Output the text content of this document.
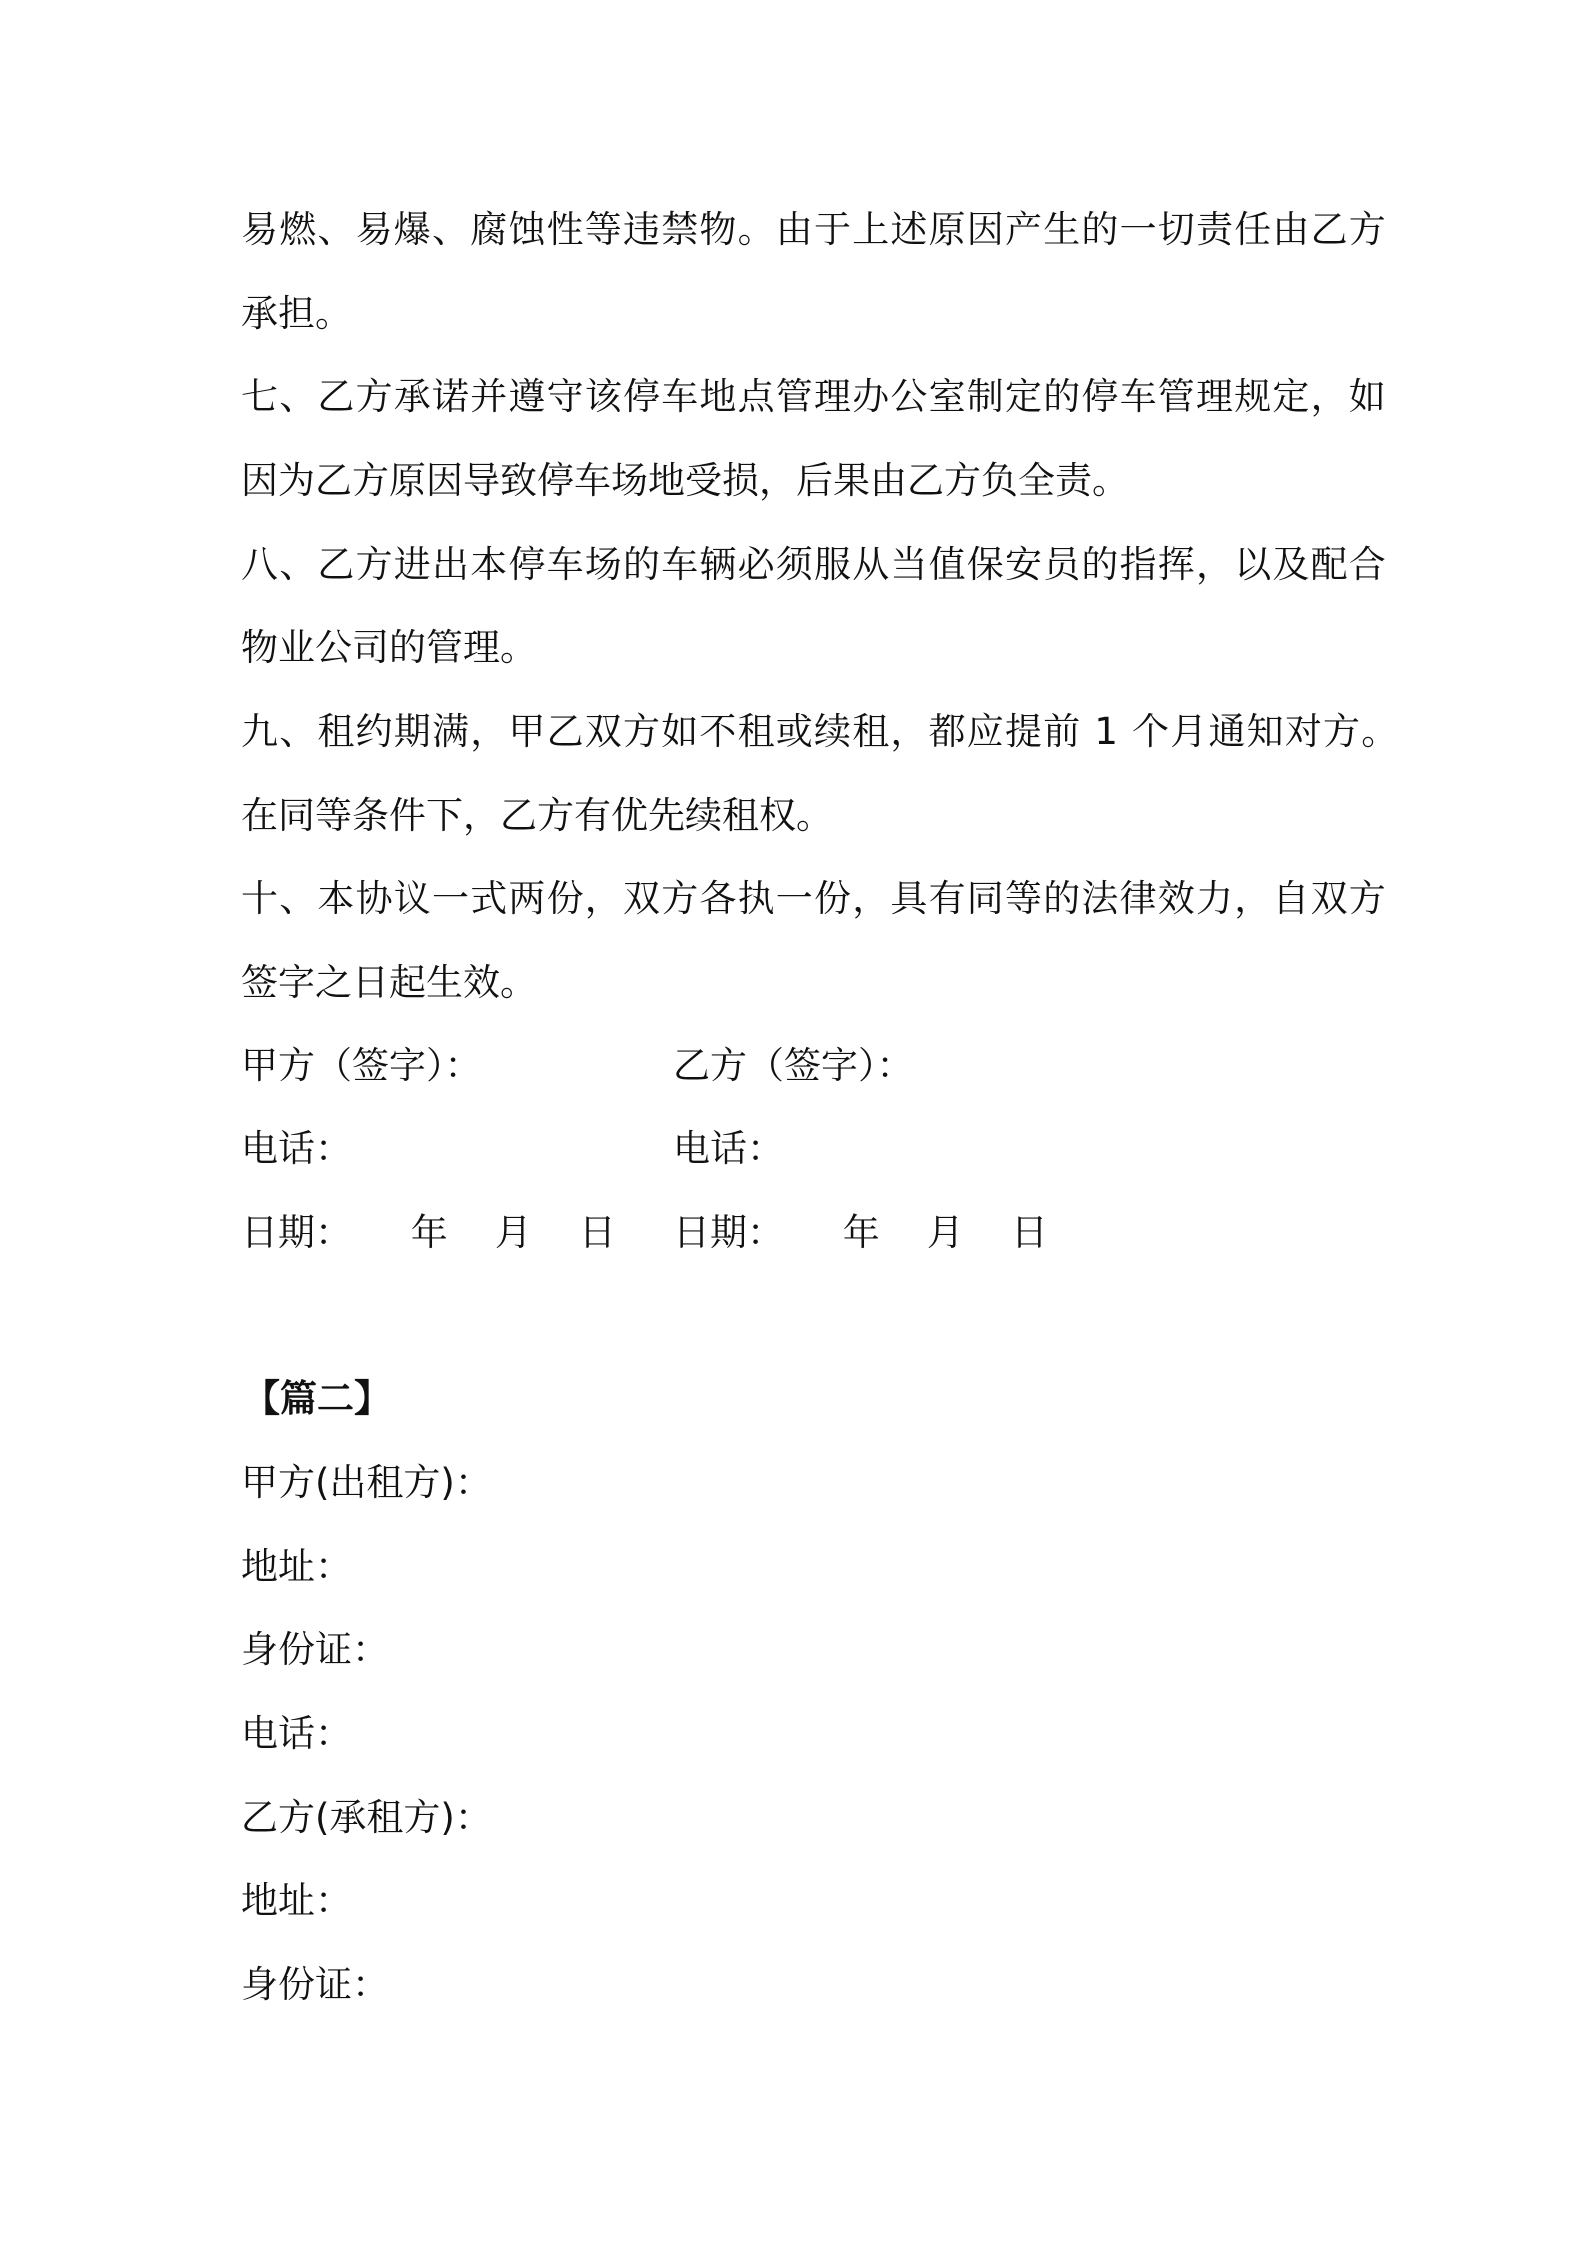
易燃、易爆、腐蚀性等违禁物。由于上述原因产生的一切责任由乙方
承担。
七、乙方承诺并遵守该停车地点管理办公室制定的停车管理规定，如
因为乙方原因导致停车场地受损，后果由乙方负全责。
八、乙方进出本停车场的车辆必须服从当值保安员的指挥，以及配合
物业公司的管理。
九、租约期满，甲乙双方如不租或续租，都应提前 1 个月通知对方。
在同等条件下，乙方有优先续租权。
十、本协议一式两份，双方各执一份，具有同等的法律效力，自双方
签字之日起生效。
甲方（签字）：	乙方（签字）：
电话：	电话：
日期：     年    月    日 日期：     年    月    日
【篇二】
甲方(出租方)：
地址：
身份证：
电话：
乙方(承租方)：
地址：
身份证：
